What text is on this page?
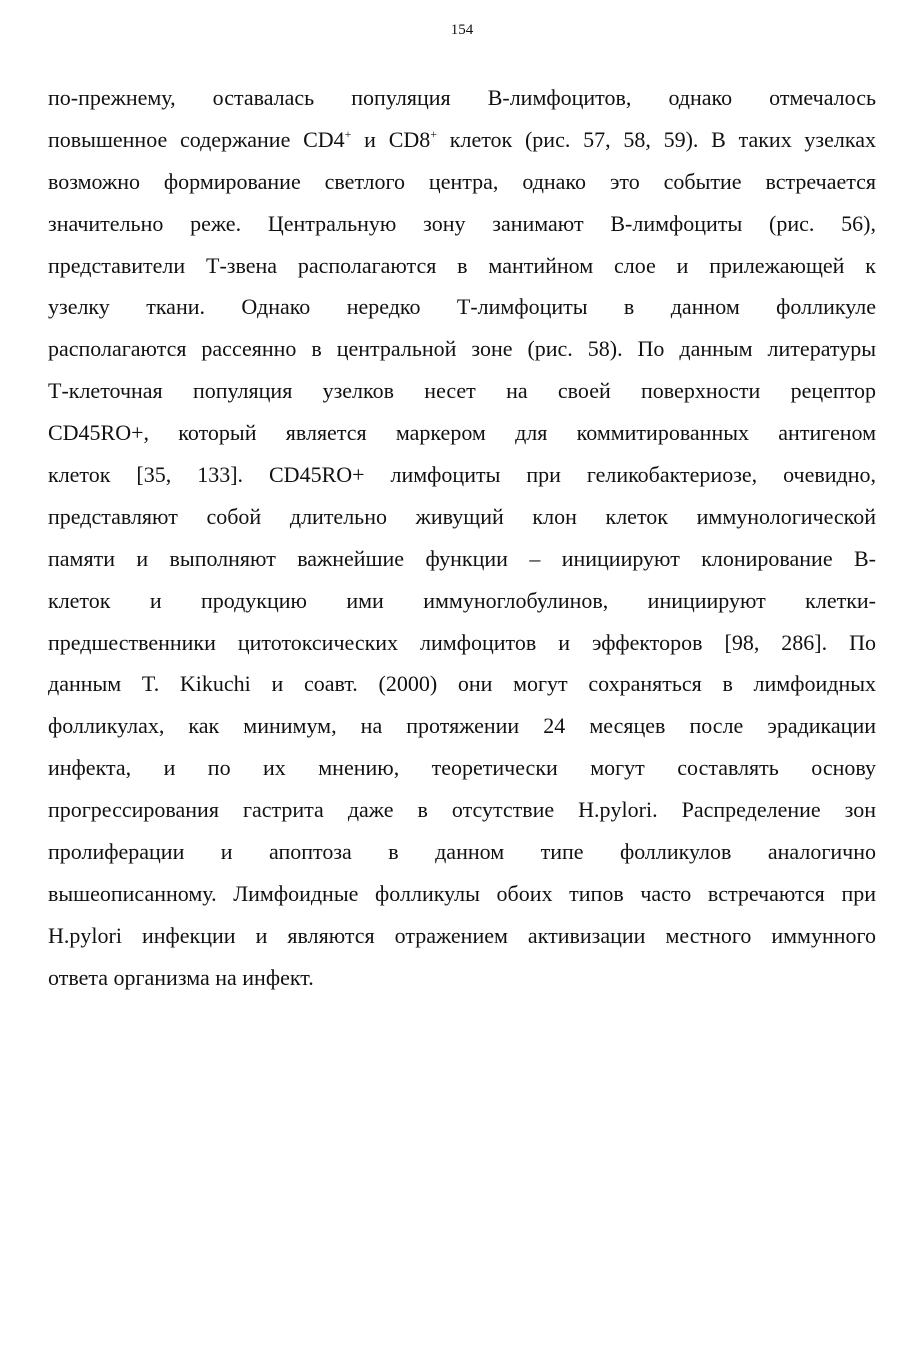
154
по-прежнему, оставалась популяция В-лимфоцитов, однако отмечалось
повышенное содержание CD4+ и CD8+ клеток (рис. 57, 58, 59). В таких узелках
возможно формирование светлого центра, однако это событие встречается
значительно реже. Центральную зону занимают В-лимфоциты (рис. 56),
представители Т-звена располагаются в мантийном слое и прилежающей к
узелку ткани. Однако нередко Т-лимфоциты в данном фолликуле
располагаются рассеянно в центральной зоне (рис. 58). По данным литературы
Т-клеточная популяция узелков несет на своей поверхности рецептор
CD45RO+, который является маркером для коммитированных антигеном
клеток [35, 133]. CD45RO+ лимфоциты при геликобактериозе, очевидно,
представляют собой длительно живущий клон клеток иммунологической
памяти и выполняют важнейшие функции – инициируют клонирование В-
клеток и продукцию ими иммуноглобулинов, инициируют клетки-
предшественники цитотоксических лимфоцитов и эффекторов [98, 286]. По
данным T. Kikuchi и соавт. (2000) они могут сохраняться в лимфоидных
фолликулах, как минимум, на протяжении 24 месяцев после эрадикации
инфекта, и по их мнению, теоретически могут составлять основу
прогрессирования гастрита даже в отсутствие H.pylori. Распределение зон
пролиферации и апоптоза в данном типе фолликулов аналогично
вышеописанному. Лимфоидные фолликулы обоих типов часто встречаются при
H.pylori инфекции и являются отражением активизации местного иммунного
ответа организма на инфект.
